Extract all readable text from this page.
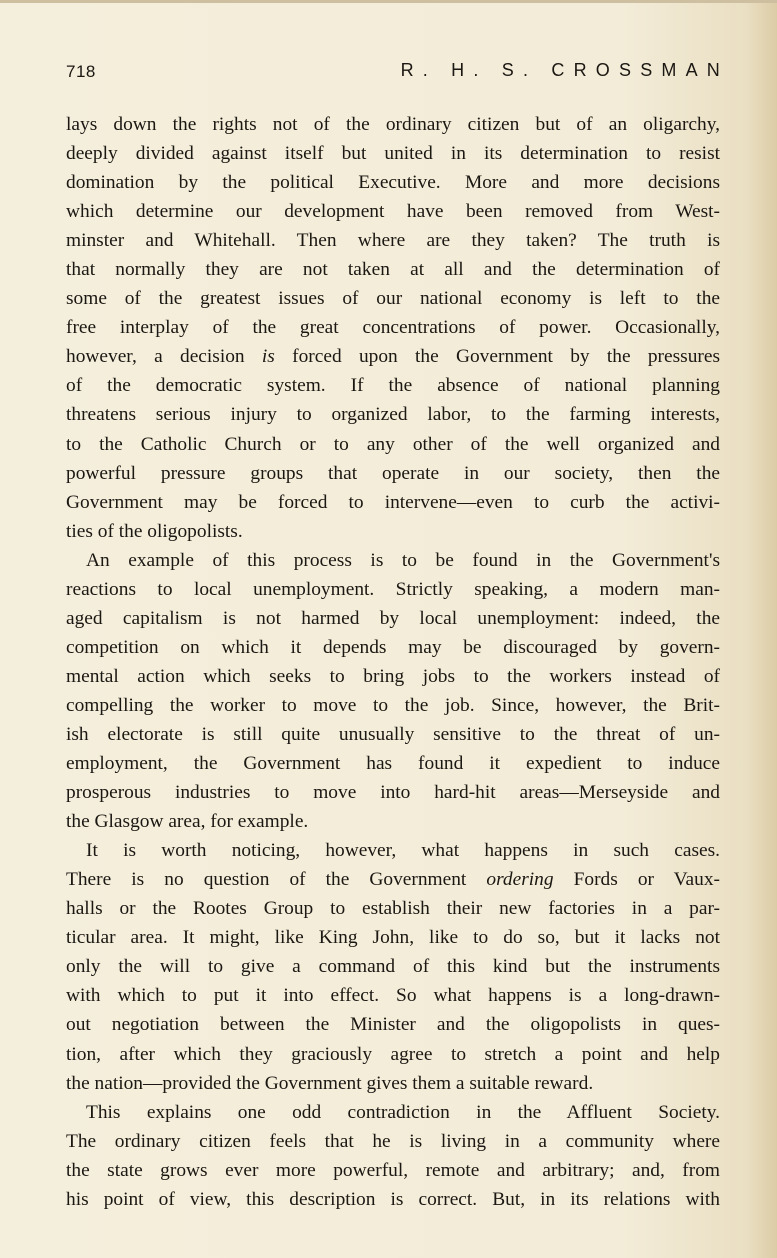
718	R. H. S. CROSSMAN

lays down the rights not of the ordinary citizen but of an oligarchy,
deeply divided against itself but united in its determination to resist
domination by the political Executive. More and more decisions
which determine our development have been removed from West-
minster and Whitehall. Then where are they taken? The truth is
that normally they are not taken at all and the determination of
some of the greatest issues of our national economy is left to the
free interplay of the great concentrations of power. Occasionally,
however, a decision is forced upon the Government by the pressures
of the democratic system. If the absence of national planning
threatens serious injury to organized labor, to the farming interests,
to the Catholic Church or to any other of the well organized and
powerful pressure groups that operate in our society, then the
Government may be forced to intervene—even to curb the activi-
ties of the oligopolists.

An example of this process is to be found in the Government's
reactions to local unemployment. Strictly speaking, a modern man-
aged capitalism is not harmed by local unemployment: indeed, the
competition on which it depends may be discouraged by govern-
mental action which seeks to bring jobs to the workers instead of
compelling the worker to move to the job. Since, however, the Brit-
ish electorate is still quite unusually sensitive to the threat of un-
employment, the Government has found it expedient to induce
prosperous industries to move into hard-hit areas—Merseyside and
the Glasgow area, for example.

It is worth noticing, however, what happens in such cases.
There is no question of the Government ordering Fords or Vaux-
halls or the Rootes Group to establish their new factories in a par-
ticular area. It might, like King John, like to do so, but it lacks not
only the will to give a command of this kind but the instruments
with which to put it into effect. So what happens is a long-drawn-
out negotiation between the Minister and the oligopolists in ques-
tion, after which they graciously agree to stretch a point and help
the nation—provided the Government gives them a suitable reward.

This explains one odd contradiction in the Affluent Society.
The ordinary citizen feels that he is living in a community where
the state grows ever more powerful, remote and arbitrary; and, from
his point of view, this description is correct. But, in its relations with
